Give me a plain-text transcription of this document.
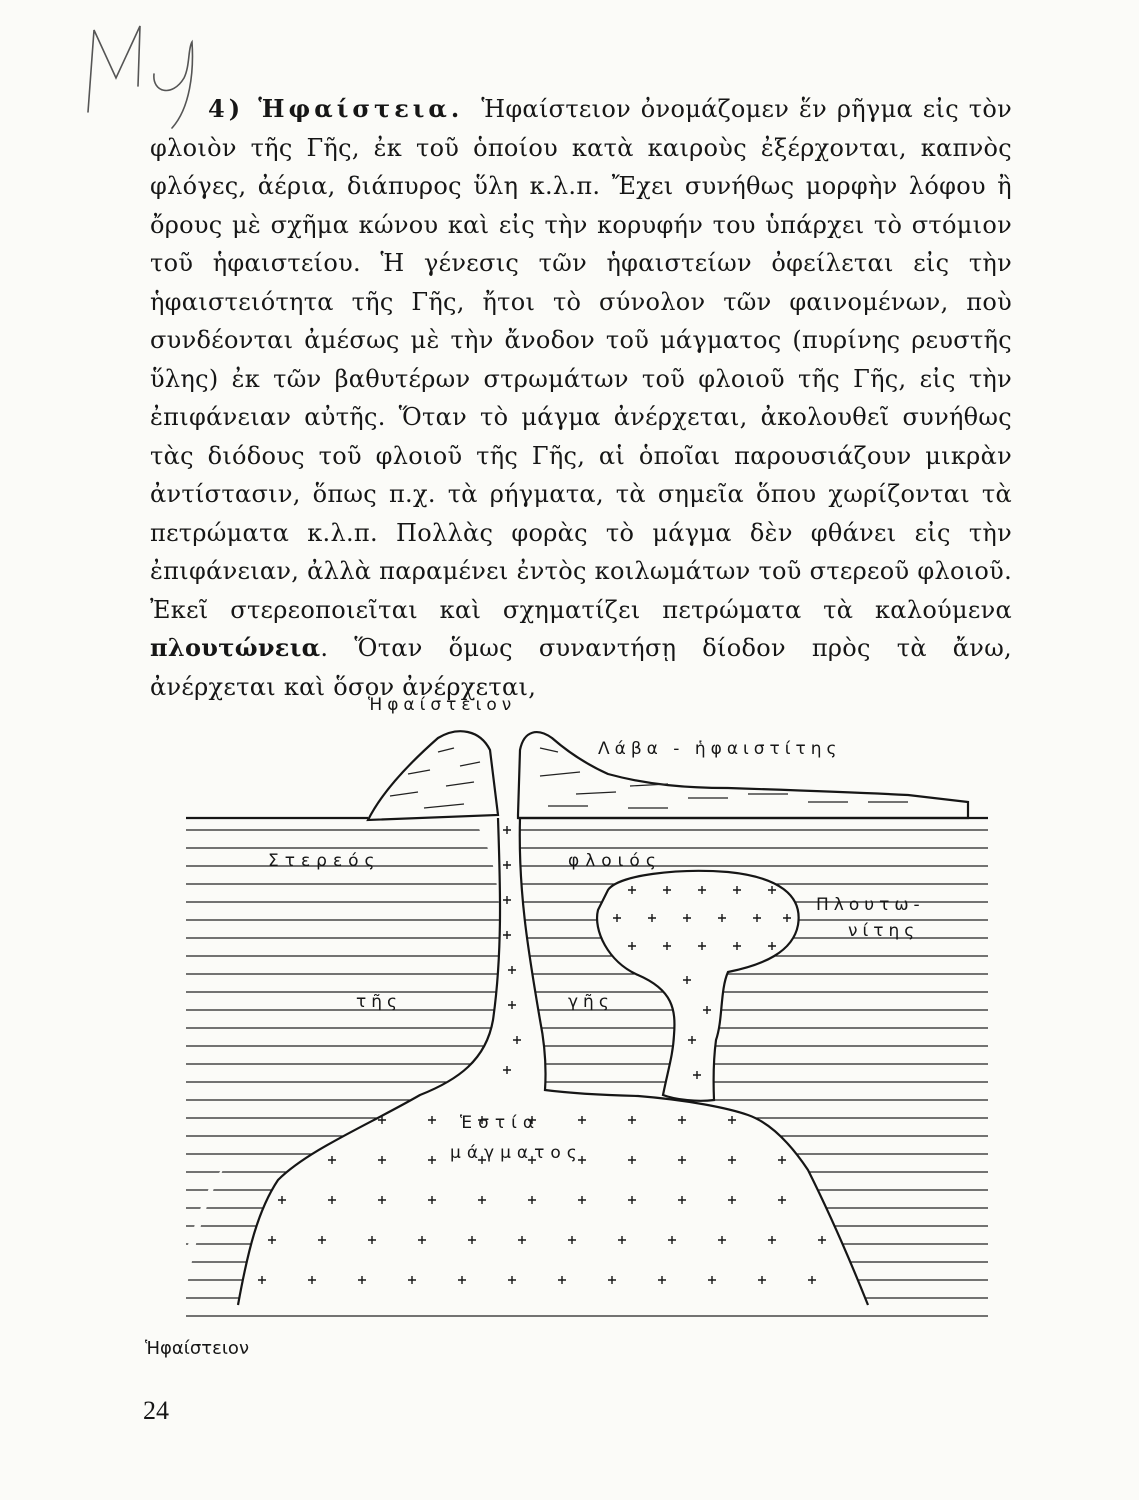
4) Ἡφαίστεια. Ἡφαίστειον ὀνομάζομεν ἕν ρῆγμα εἰς τὸν φλοιὸν τῆς Γῆς, ἐκ τοῦ ὁποίου κατὰ καιροὺς ἐξέρχονται, καπνὸς φλόγες, ἀέρια, διάπυρος ὕλη κ.λ.π. Ἔχει συνήθως μορφὴν λόφου ἢ ὄρους μὲ σχῆμα κώνου καὶ εἰς τὴν κορυφήν του ὑπάρχει τὸ στόμιον τοῦ ἡφαιστείου. Ἡ γένεσις τῶν ἡφαιστείων ὀφείλεται εἰς τὴν ἡφαιστειότητα τῆς Γῆς, ἤτοι τὸ σύνολον τῶν φαινομένων, ποὺ συνδέονται ἀμέσως μὲ τὴν ἄνοδον τοῦ μάγματος (πυρίνης ρευστῆς ὕλης) ἐκ τῶν βαθυτέρων στρωμάτων τοῦ φλοιοῦ τῆς Γῆς, εἰς τὴν ἐπιφάνειαν αὐτῆς. Ὅταν τὸ μάγμα ἀνέρχεται, ἀκολουθεῖ συνήθως τὰς διόδους τοῦ φλοιοῦ τῆς Γῆς, αἱ ὁποῖαι παρουσιάζουν μικρὰν ἀντίστασιν, ὅπως π.χ. τὰ ρήγματα, τὰ σημεῖα ὅπου χωρίζονται τὰ πετρώματα κ.λ.π. Πολλὰς φορὰς τὸ μάγμα δὲν φθάνει εἰς τὴν ἐπιφάνειαν, ἀλλὰ παραμένει ἐντὸς κοιλωμάτων τοῦ στερεοῦ φλοιοῦ. Ἐκεῖ στερεοποιεῖται καὶ σχηματίζει πετρώματα τὰ καλούμενα πλουτώνεια. Ὅταν ὅμως συναντήσῃ δίοδον πρὸς τὰ ἄνω, ἀνέρχεται καὶ ὅσον ἀνέρχεται,

Ἡφαίστειον
Λάβα - ἡφαιστίτης
Στερεός	φλοιός
Πλουτω-
νίτης
τῆς	γῆς
Ἑστία
μάγματος
Ἡφαίστειον
24
